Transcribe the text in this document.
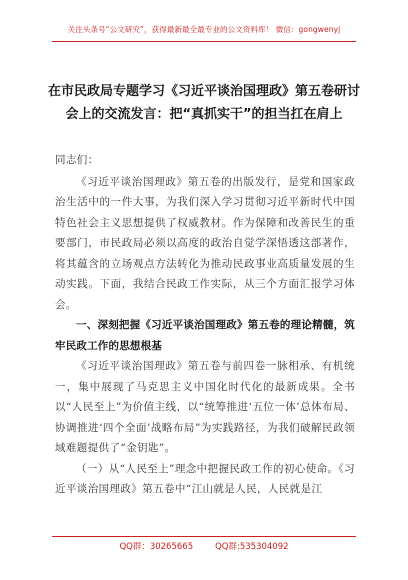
关注头条号“公文研究”，获得最新最全最专业的公文资料库！ 微信：gongwenyj
在市民政局专题学习《习近平谈治国理政》第五卷研讨会上的交流发言：把“真抓实干”的担当扛在肩上

同志们：

《习近平谈治国理政》第五卷的出版发行，是党和国家政治生活中的一件大事，为我们深入学习贯彻习近平新时代中国特色社会主义思想提供了权威教材。作为保障和改善民生的重要部门，市民政局必须以高度的政治自觉学深悟透这部著作，将其蕴含的立场观点方法转化为推动民政事业高质量发展的生动实践。下面，我结合民政工作实际，从三个方面汇报学习体会。

一、深刻把握《习近平谈治国理政》第五卷的理论精髓，筑牢民政工作的思想根基

《习近平谈治国理政》第五卷与前四卷一脉相承、有机统一，集中展现了马克思主义中国化时代化的最新成果。全书以“人民至上”为价值主线，以“统筹推进‘五位一体’总体布局、协调推进‘四个全面’战略布局”为实践路径，为我们破解民政领域难题提供了“金钥匙”。

（一）从“人民至上”理念中把握民政工作的初心使命。《习近平谈治国理政》第五卷中“江山就是人民，人民就是江

QQ群：30265665	QQ群:535304092
